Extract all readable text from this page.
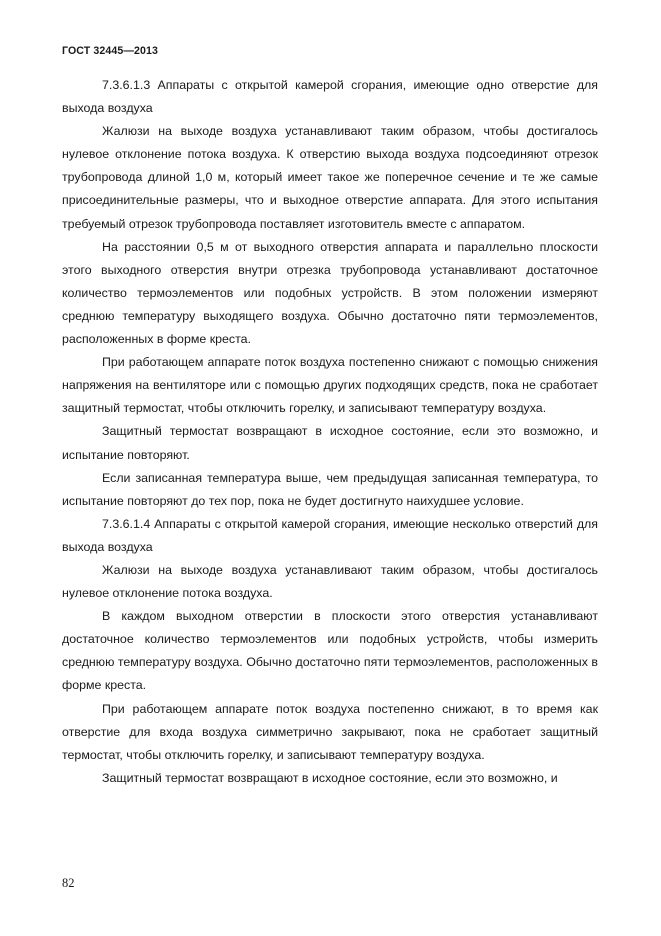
ГОСТ 32445—2013

7.3.6.1.3 Аппараты с открытой камерой сгорания, имеющие одно отверстие для выхода воздуха

Жалюзи на выходе воздуха устанавливают таким образом, чтобы достигалось нулевое отклонение потока воздуха. К отверстию выхода воздуха подсоединяют отрезок трубопровода длиной 1,0 м, который имеет такое же поперечное сечение и те же самые присоединительные размеры, что и выходное отверстие аппарата. Для этого испытания требуемый отрезок трубопровода поставляет изготовитель вместе с аппаратом.

На расстоянии 0,5 м от выходного отверстия аппарата и параллельно плоскости этого выходного отверстия внутри отрезка трубопровода устанавливают достаточное количество термоэлементов или подобных устройств. В этом положении измеряют среднюю температуру выходящего воздуха. Обычно достаточно пяти термоэлементов, расположенных в форме креста.

При работающем аппарате поток воздуха постепенно снижают с помощью снижения напряжения на вентиляторе или с помощью других подходящих средств, пока не сработает защитный термостат, чтобы отключить горелку, и записывают температуру воздуха.

Защитный термостат возвращают в исходное состояние, если это возможно, и испытание повторяют.

Если записанная температура выше, чем предыдущая записанная температура, то испытание повторяют до тех пор, пока не будет достигнуто наихудшее условие.

7.3.6.1.4 Аппараты с открытой камерой сгорания, имеющие несколько отверстий для выхода воздуха

Жалюзи на выходе воздуха устанавливают таким образом, чтобы достигалось нулевое отклонение потока воздуха.

В каждом выходном отверстии в плоскости этого отверстия устанавливают достаточное количество термоэлементов или подобных устройств, чтобы измерить среднюю температуру воздуха. Обычно достаточно пяти термоэлементов, расположенных в форме креста.

При работающем аппарате поток воздуха постепенно снижают, в то время как отверстие для входа воздуха симметрично закрывают, пока не сработает защитный термостат, чтобы отключить горелку, и записывают температуру воздуха.

Защитный термостат возвращают в исходное состояние, если это возможно, и

82
